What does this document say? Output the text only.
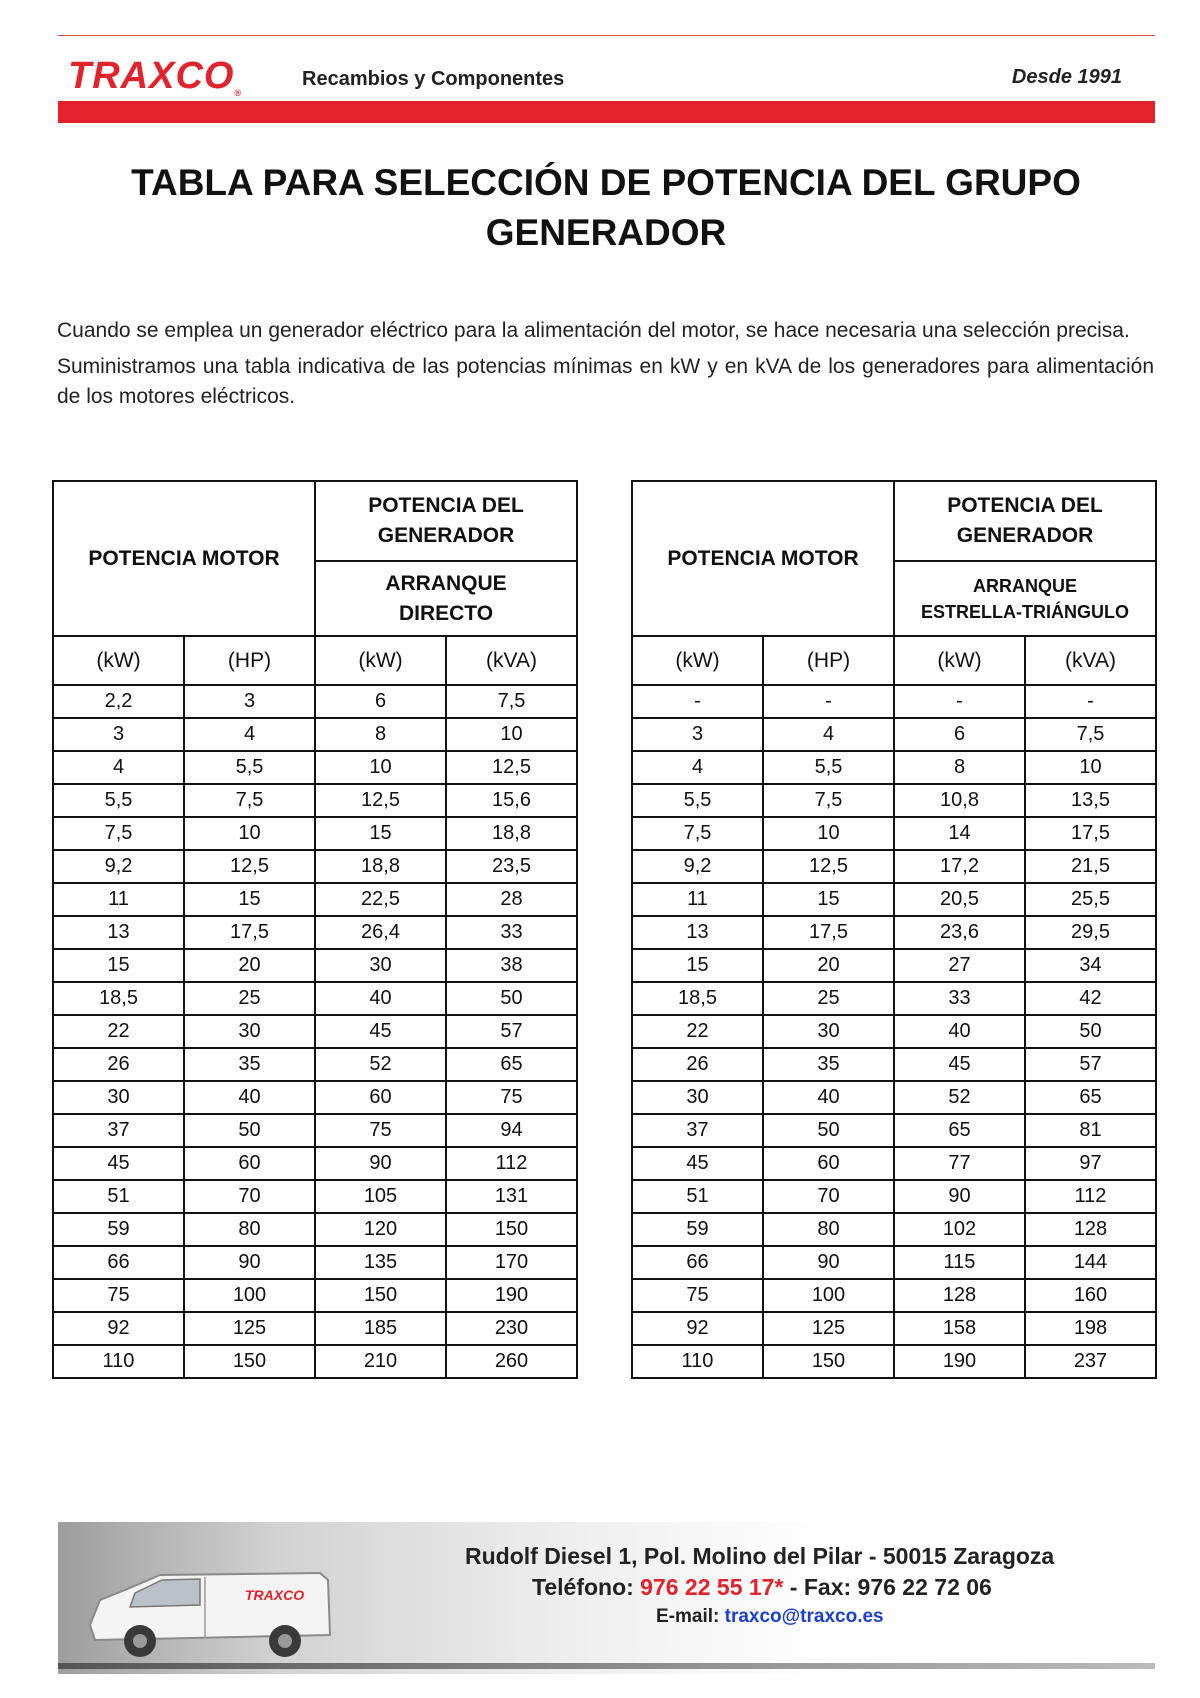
TRAXCO®
Recambios y Componentes	Desde 1991
TABLA PARA SELECCIÓN DE POTENCIA DEL GRUPO
GENERADOR

Cuando se emplea un generador eléctrico para la alimentación del motor, se hace necesaria una selección precisa.

Suministramos una tabla indicativa de las potencias mínimas en kW y en kVA de los generadores para alimentación de los motores eléctricos.

POTENCIA MOTOR		POTENCIA DEL
GENERADOR	

		ARRANQUE
DIRECTO	

(kW)	(HP)	(kW)	(kVA)
2,2	3	6	7,5
3	4	8	10
4	5,5	10	12,5
5,5	7,5	12,5	15,6
7,5	10	15	18,8
9,2	12,5	18,8	23,5
11	15	22,5	28
13	17,5	26,4	33
15	20	30	38
18,5	25	40	50
22	30	45	57
26	35	52	65
30	40	60	75
37	50	75	94
45	60	90	112
51	70	105	131
59	80	120	150
66	90	135	170
75	100	150	190
92	125	185	230
110	150	210	260
POTENCIA MOTOR		POTENCIA DEL
GENERADOR	

		ARRANQUE
ESTRELLA-TRIÁNGULO	

(kW)	(HP)	(kW)	(kVA)
-	-	-	-
3	4	6	7,5
4	5,5	8	10
5,5	7,5	10,8	13,5
7,5	10	14	17,5
9,2	12,5	17,2	21,5
11	15	20,5	25,5
13	17,5	23,6	29,5
15	20	27	34
18,5	25	33	42
22	30	40	50
26	35	45	57
30	40	52	65
37	50	65	81
45	60	77	97
51	70	90	112
59	80	102	128
66	90	115	144
75	100	128	160
92	125	158	198
110	150	190	237
TRAXCO
Rudolf Diesel 1, Pol. Molino del Pilar - 50015 Zaragoza
Teléfono: 976 22 55 17* - Fax: 976 22 72 06
E-mail: traxco@traxco.es
